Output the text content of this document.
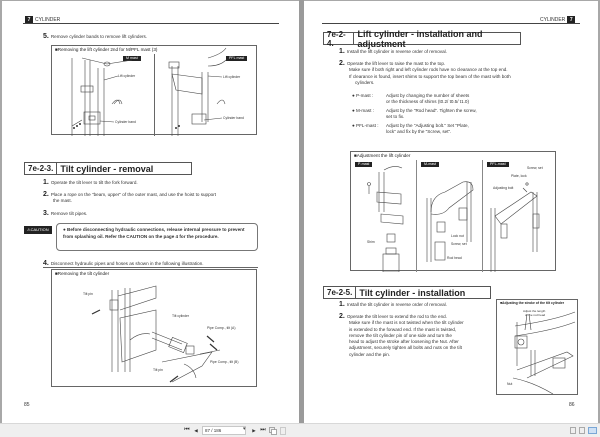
7 CYLINDER
5. Remove cylinder bands to remove lift cylinders.
■Removing the lift cylinder 2nd for M/PFL mast (3)
M mast	PFL mast
Lift cylinder
Cylinder band
Lift cylinder
Cylinder band
7e-2-3. Tilt cylinder - removal
1. Operate the tilt lever to tilt the fork forward.
2. Place a rope on the "beam, upper" of the outer mast, and use the hoist to support
the mast.
3. Remove tilt pipes.
⚠CAUTION	● Before disconnecting hydraulic connections, release internal pressure to prevent from splashing oil. Refer the CAUTION on the page 4 for the procedure.
4. Disconnect hydraulic pipes and hoses as shown in the following illustration.
■Removing the tilt cylinder
Tilt pin
Tilt cylinder
Pipe Comp., tilt (A)
Pipe Comp., tilt (B)
Tilt pin
85
CYLINDER 7
7e-2-4.
Lift cylinder - installation and adjustment
1. Install the lift cylinder in reverse order of removal.
2. Operate the lift lever to raise the mast to the top.
Make sure if both right and left cylinder rods have no clearance at the top end.
If clearance is found, insert shims to support the top beam of the mast with both
cylinders.
● P-mast :	Adjust by changing the number of sheets
or the thickness of shims (t0.2/ t0.5/ t1.0)
● M-mast :	Adjust by the "Rod head". Tighten the screw,
set to fix.
● PFL-mast : Adjust by the "Adjusting bolt." Set "Plate,
lock" and fix by the "Screw, set".
■Adjustment the lift cylinder
P-mast	M-mast	PFL-mast
Shim
Lock nut
Screw, set
Rod head
Screw, set
Plate, lock
Adjusting bolt
7e-2-5. Tilt cylinder - installation
1. Install the tilt cylinder in reverse order of removal.
2. Operate the tilt lever to extend the rod to the end.
Make sure if the mast is not twisted when the tilt cylinder
is extended to the forward end. If the mast is twisted,
remove the tilt cylinder pin of one side and turn the
head to adjust the stroke after loosening the Nut. After
adjustment, securely tighten all bolts and nuts on the tilt
cylinder and the pin.
■Adjusting the stroke of the tilt cylinder
Adjust the length
of the rod head
Nut
86
⏮ ◀	87 / 186	▾ ▶ ⏭
